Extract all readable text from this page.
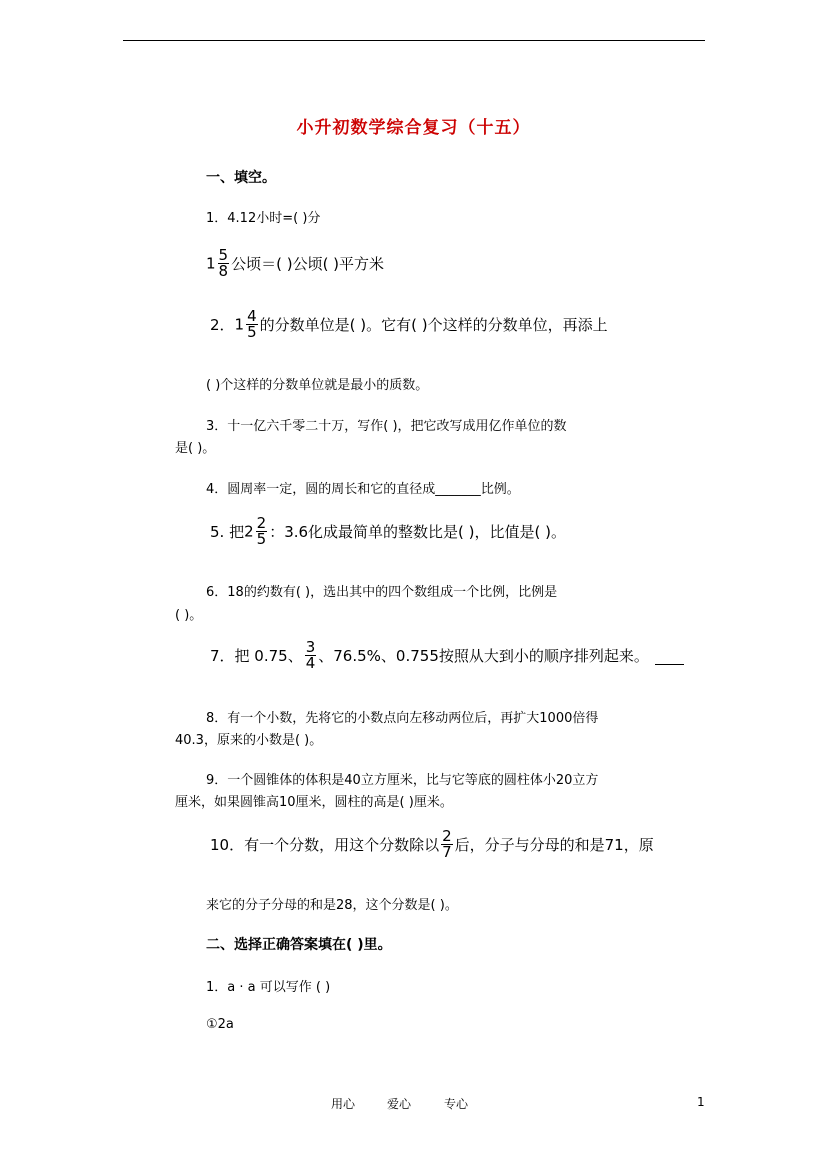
小升初数学综合复习（十五）
一、填空。
1．4.12小时=( )分
$1 \frac{5}{8}$ 公顷＝( )公顷( )平方米
2．$1 \frac{4}{5}$ 的分数单位是( )。它有( )个这样的分数单位，再添上
( )个这样的分数单位就是最小的质数。
3．十一亿六千零二十万，写作( )，把它改写成用亿作单位的数
是( )。
4．圆周率一定，圆的周长和它的直径成_______比例。
5. 把$2 \frac{2}{5}$ ：3.6化成最简单的整数比是( )，比值是( )。
6．18的约数有( )，选出其中的四个数组成一个比例，比例是
( )。
7．把 0.75、 $\frac{3}{4}$ 、76.5%、0.755按照从大到小的顺序排列起来。
8．有一个小数，先将它的小数点向左移动两位后，再扩大1000倍得
40.3，原来的小数是( )。
9．一个圆锥体的体积是40立方厘米，比与它等底的圆柱体小20立方
厘米，如果圆锥高10厘米，圆柱的高是( )厘米。
10．有一个分数，用这个分数除以 $\frac{2}{7}$ 后，分子与分母的和是71，原
来它的分子分母的和是28，这个分数是( )。
二、选择正确答案填在( )里。
1．a · a 可以写作 ( )
①2a
用心	爱心	专心	1
